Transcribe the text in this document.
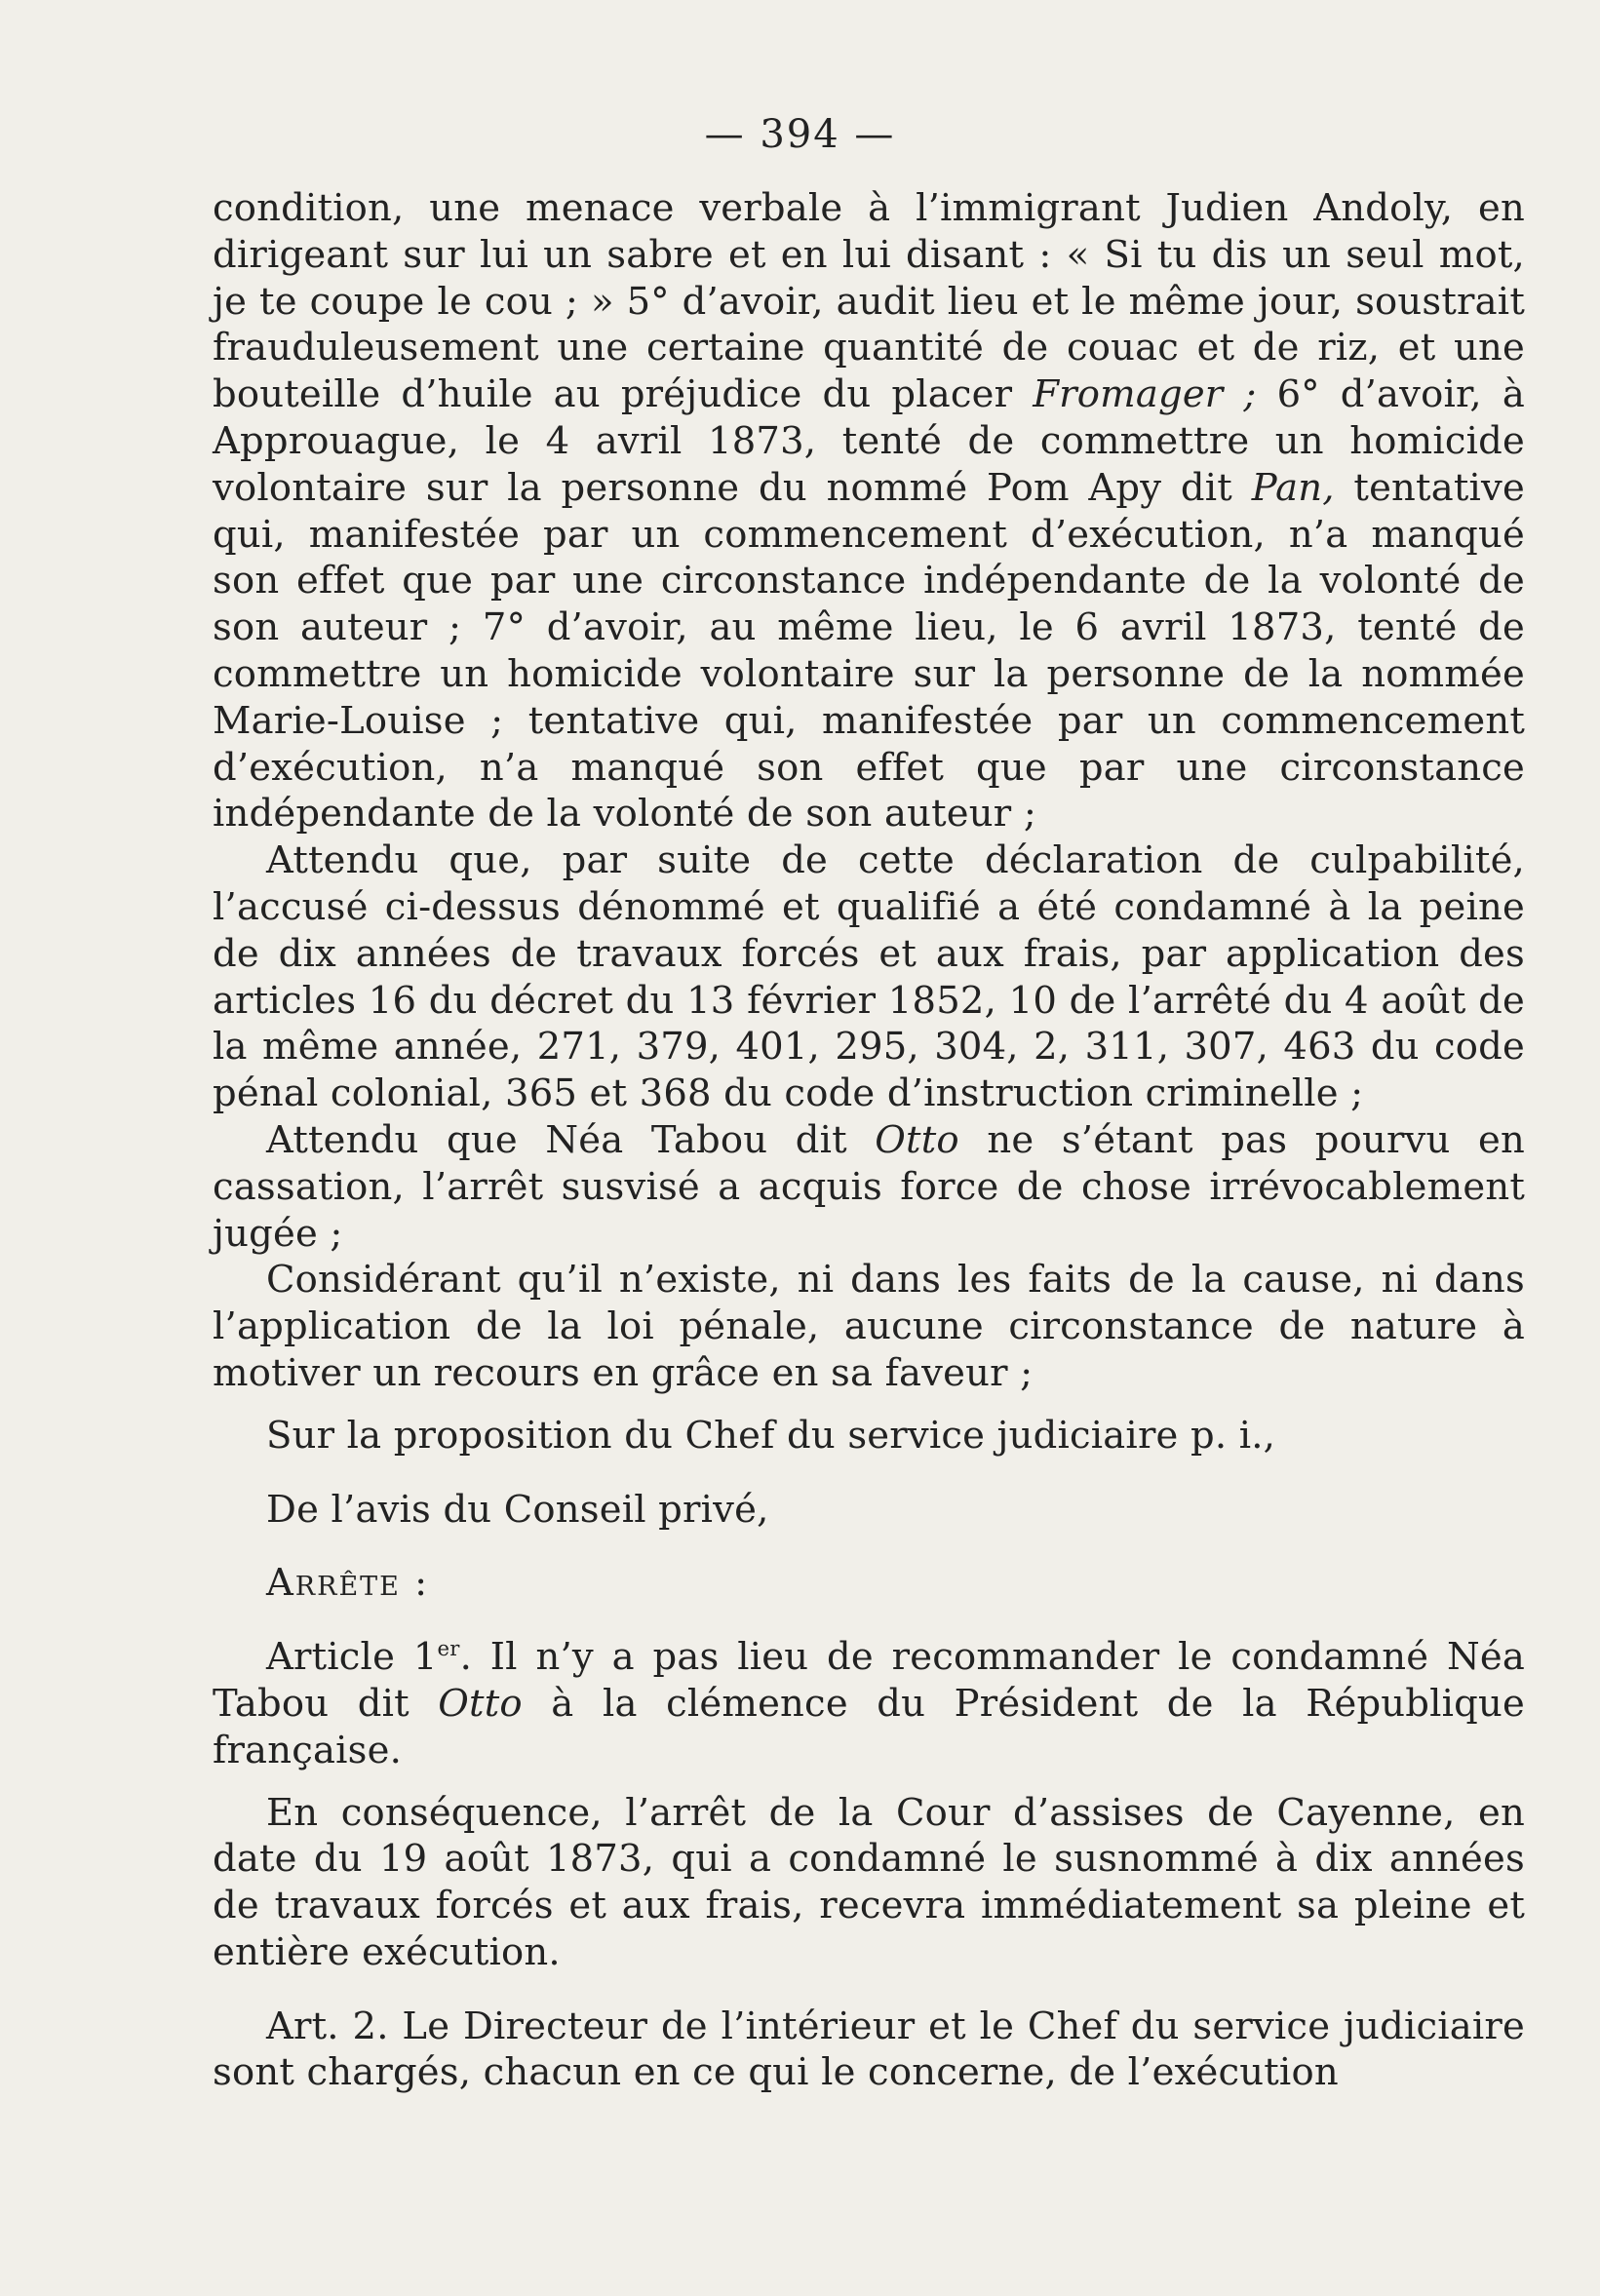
— 394 —

condition, une menace verbale à l’immigrant Judien Andoly, en dirigeant sur lui un sabre et en lui disant : « Si tu dis un seul mot, je te coupe le cou ; » 5° d’avoir, audit lieu et le même jour, soustrait frauduleusement une certaine quantité de couac et de riz, et une bouteille d’huile au préjudice du placer Fromager ; 6° d’avoir, à Approuague, le 4 avril 1873, tenté de commettre un homicide volontaire sur la personne du nommé Pom Apy dit Pan, tentative qui, manifestée par un commencement d’exécution, n’a manqué son effet que par une circonstance indépendante de la volonté de son auteur ; 7° d’avoir, au même lieu, le 6 avril 1873, tenté de commettre un homicide volontaire sur la personne de la nommée Marie-Louise ; tentative qui, manifestée par un commencement d’exécution, n’a manqué son effet que par une circonstance indépendante de la volonté de son auteur ;

Attendu que, par suite de cette déclaration de culpabilité, l’accusé ci-dessus dénommé et qualifié a été condamné à la peine de dix années de travaux forcés et aux frais, par application des articles 16 du décret du 13 février 1852, 10 de l’arrêté du 4 août de la même année, 271, 379, 401, 295, 304, 2, 311, 307, 463 du code pénal colonial, 365 et 368 du code d’instruction criminelle ;

Attendu que Néa Tabou dit Otto ne s’étant pas pourvu en cassation, l’arrêt susvisé a acquis force de chose irrévocablement jugée ;

Considérant qu’il n’existe, ni dans les faits de la cause, ni dans l’application de la loi pénale, aucune circonstance de nature à motiver un recours en grâce en sa faveur ;

Sur la proposition du Chef du service judiciaire p. i.,

De l’avis du Conseil privé,

Arrête :

Article 1er. Il n’y a pas lieu de recommander le condamné Néa Tabou dit Otto à la clémence du Président de la République française.

En conséquence, l’arrêt de la Cour d’assises de Cayenne, en date du 19 août 1873, qui a condamné le susnommé à dix années de travaux forcés et aux frais, recevra immédiatement sa pleine et entière exécution.

Art. 2. Le Directeur de l’intérieur et le Chef du service judiciaire sont chargés, chacun en ce qui le concerne, de l’exécution
